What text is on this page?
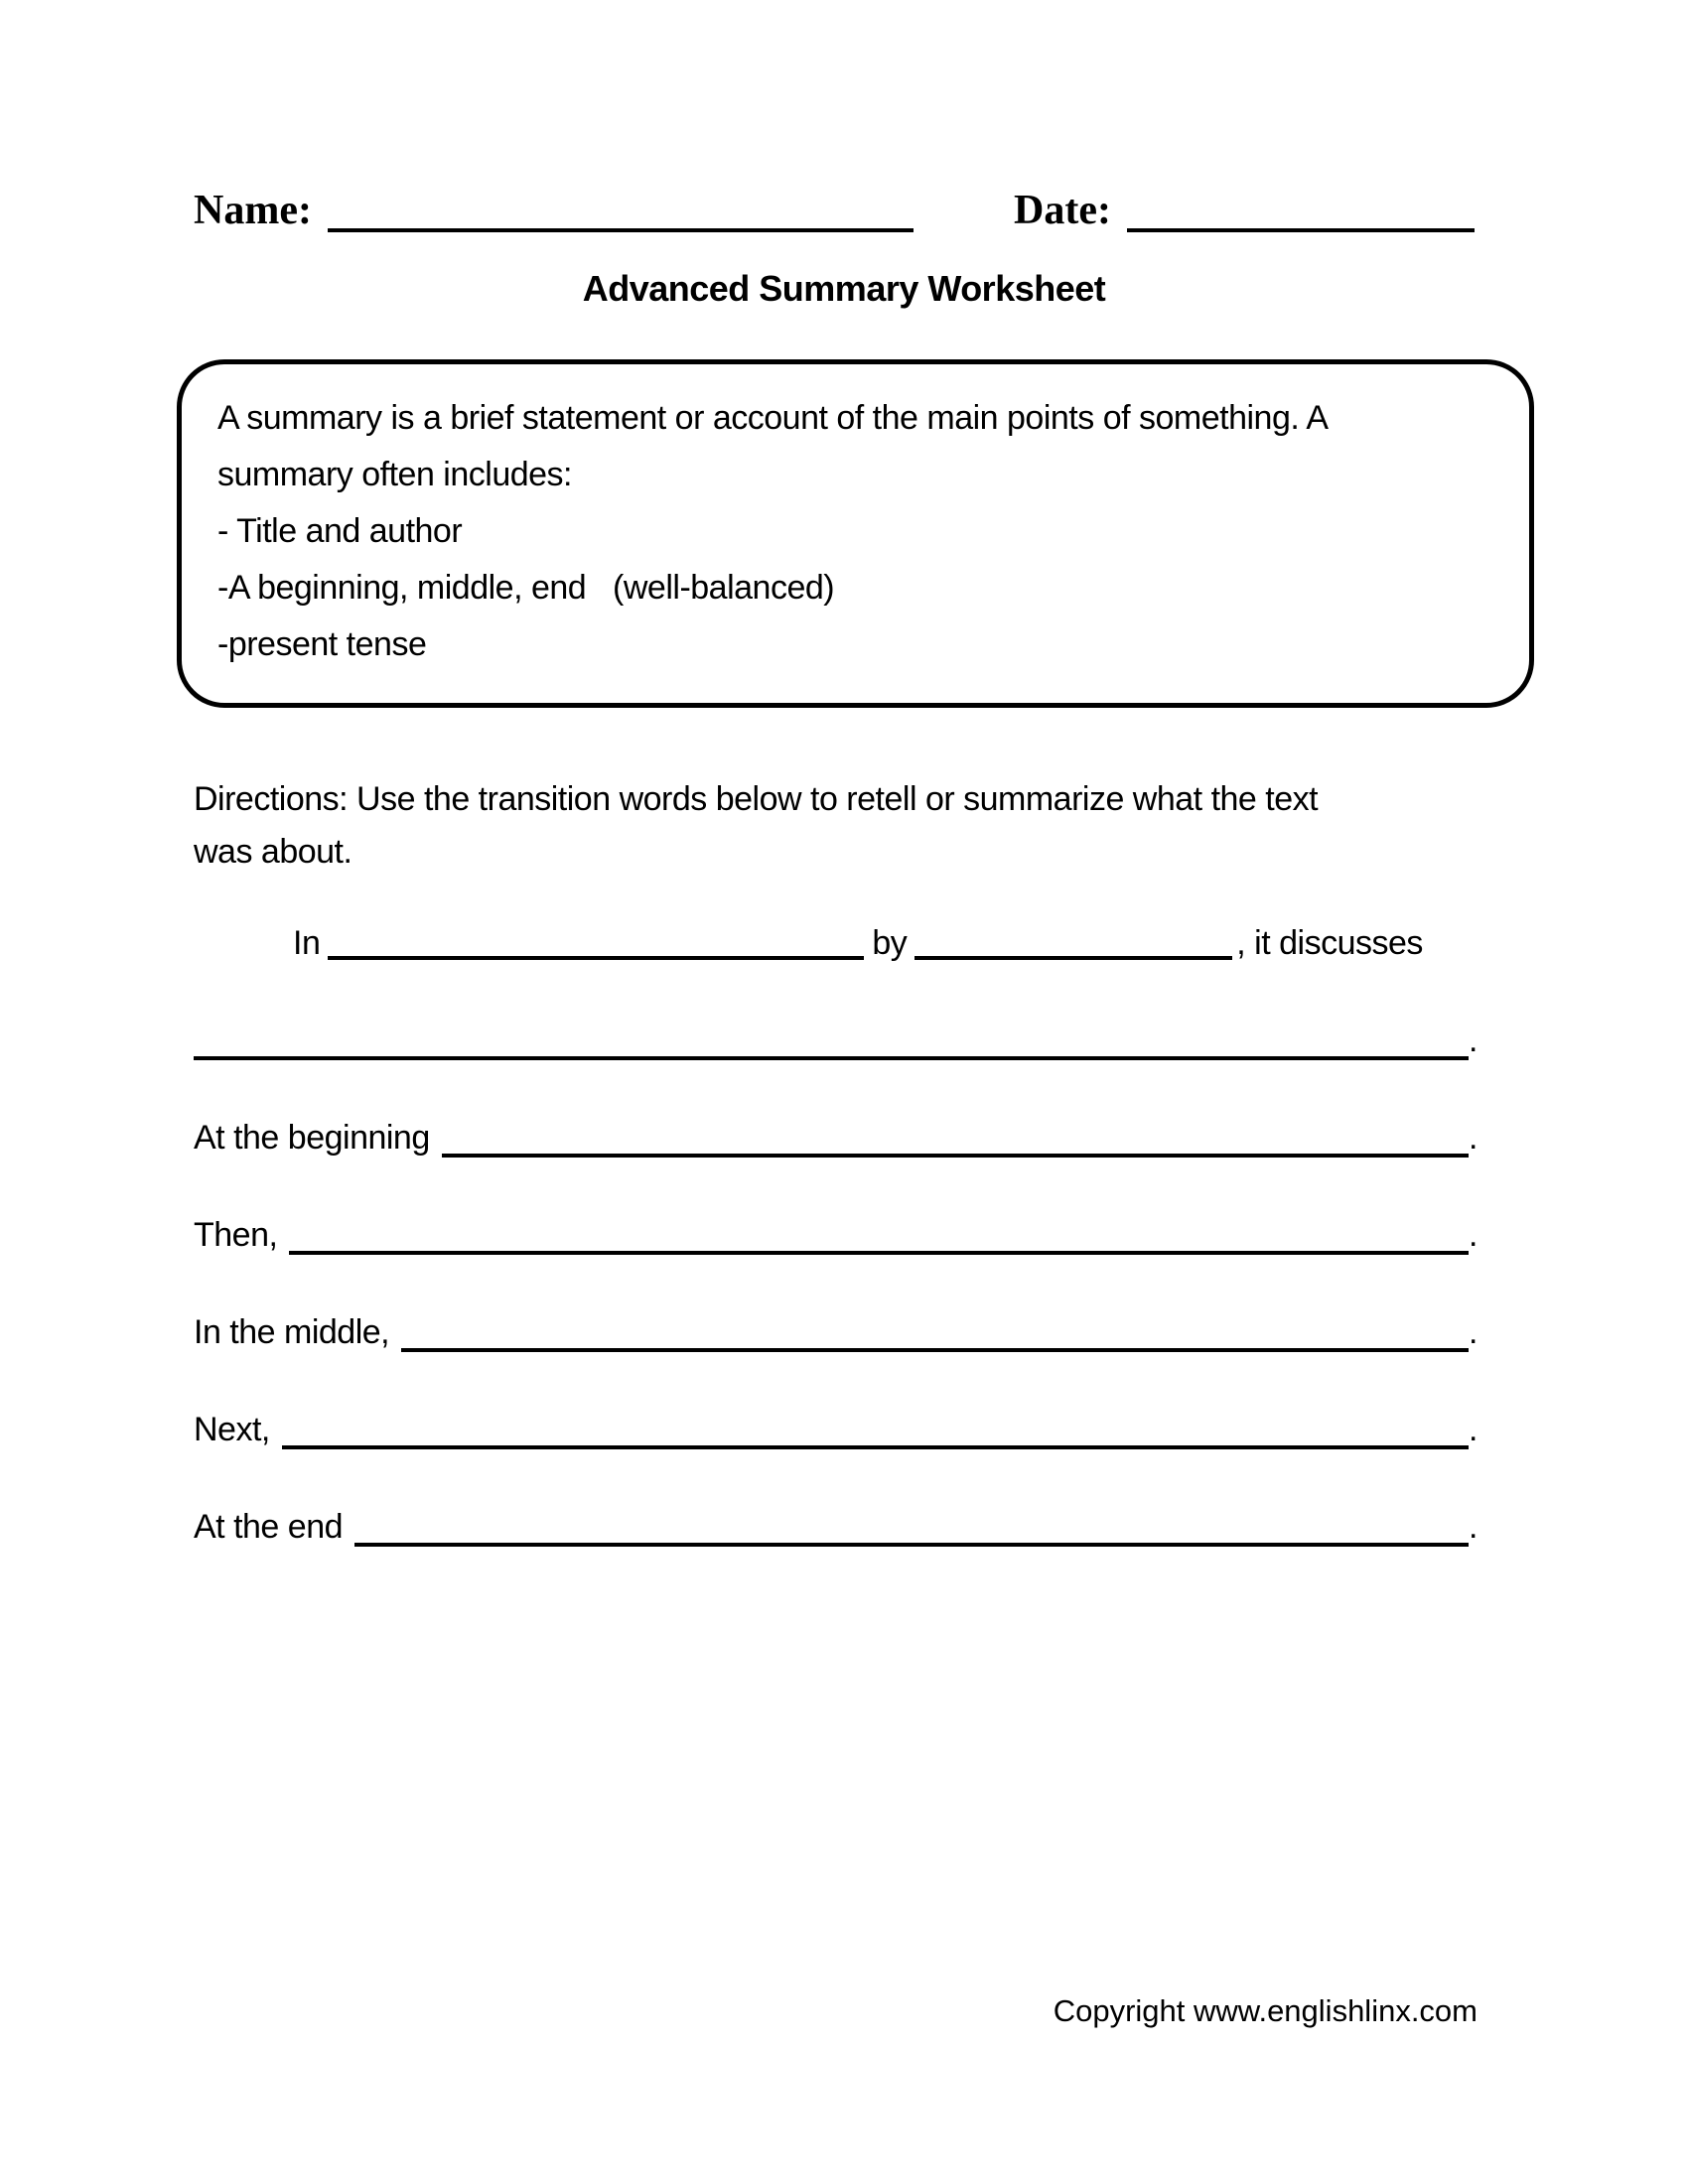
Name:	Date:
Advanced Summary Worksheet

A summary is a brief statement or account of the main points of something. A

summary often includes:

- Title and author

-A beginning, middle, end   (well-balanced)

-present tense

Directions: Use the transition words below to retell or summarize what the text

was about.

In	by	, it discusses
.
At the beginning	.
Then,	.
In the middle,	.
Next,	.
At the end	.
Copyright www.englishlinx.com
